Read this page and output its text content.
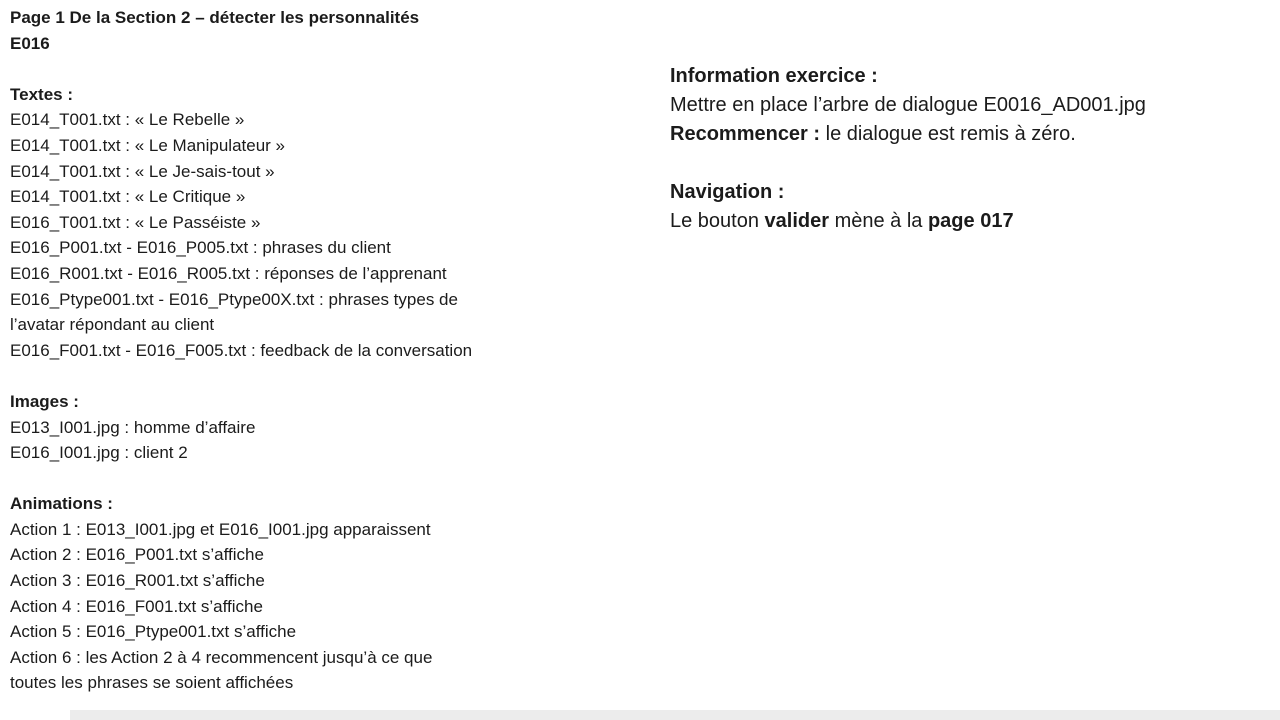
Page 1 De la Section 2 – détecter les personnalités
E016
Textes :
E014_T001.txt : « Le Rebelle »
E014_T001.txt : « Le Manipulateur »
E014_T001.txt : « Le Je-sais-tout »
E014_T001.txt : « Le Critique »
E016_T001.txt : « Le Passéiste »
E016_P001.txt - E016_P005.txt : phrases du client
E016_R001.txt - E016_R005.txt : réponses de l’apprenant
E016_Ptype001.txt - E016_Ptype00X.txt : phrases types de
l’avatar répondant au client
E016_F001.txt - E016_F005.txt : feedback de la conversation
Images :
E013_I001.jpg : homme d’affaire
E016_I001.jpg : client 2
Animations :
Action 1 : E013_I001.jpg et E016_I001.jpg apparaissent
Action 2 : E016_P001.txt s’affiche
Action 3 : E016_R001.txt s’affiche
Action 4 : E016_F001.txt s’affiche
Action 5 : E016_Ptype001.txt s’affiche
Action 6 : les Action 2 à 4 recommencent jusqu’à ce que
toutes les phrases se soient affichées
Information exercice :
Mettre en place l’arbre de dialogue E0016_AD001.jpg
Recommencer : le dialogue est remis à zéro.
Navigation :
Le bouton valider mène à la page 017
